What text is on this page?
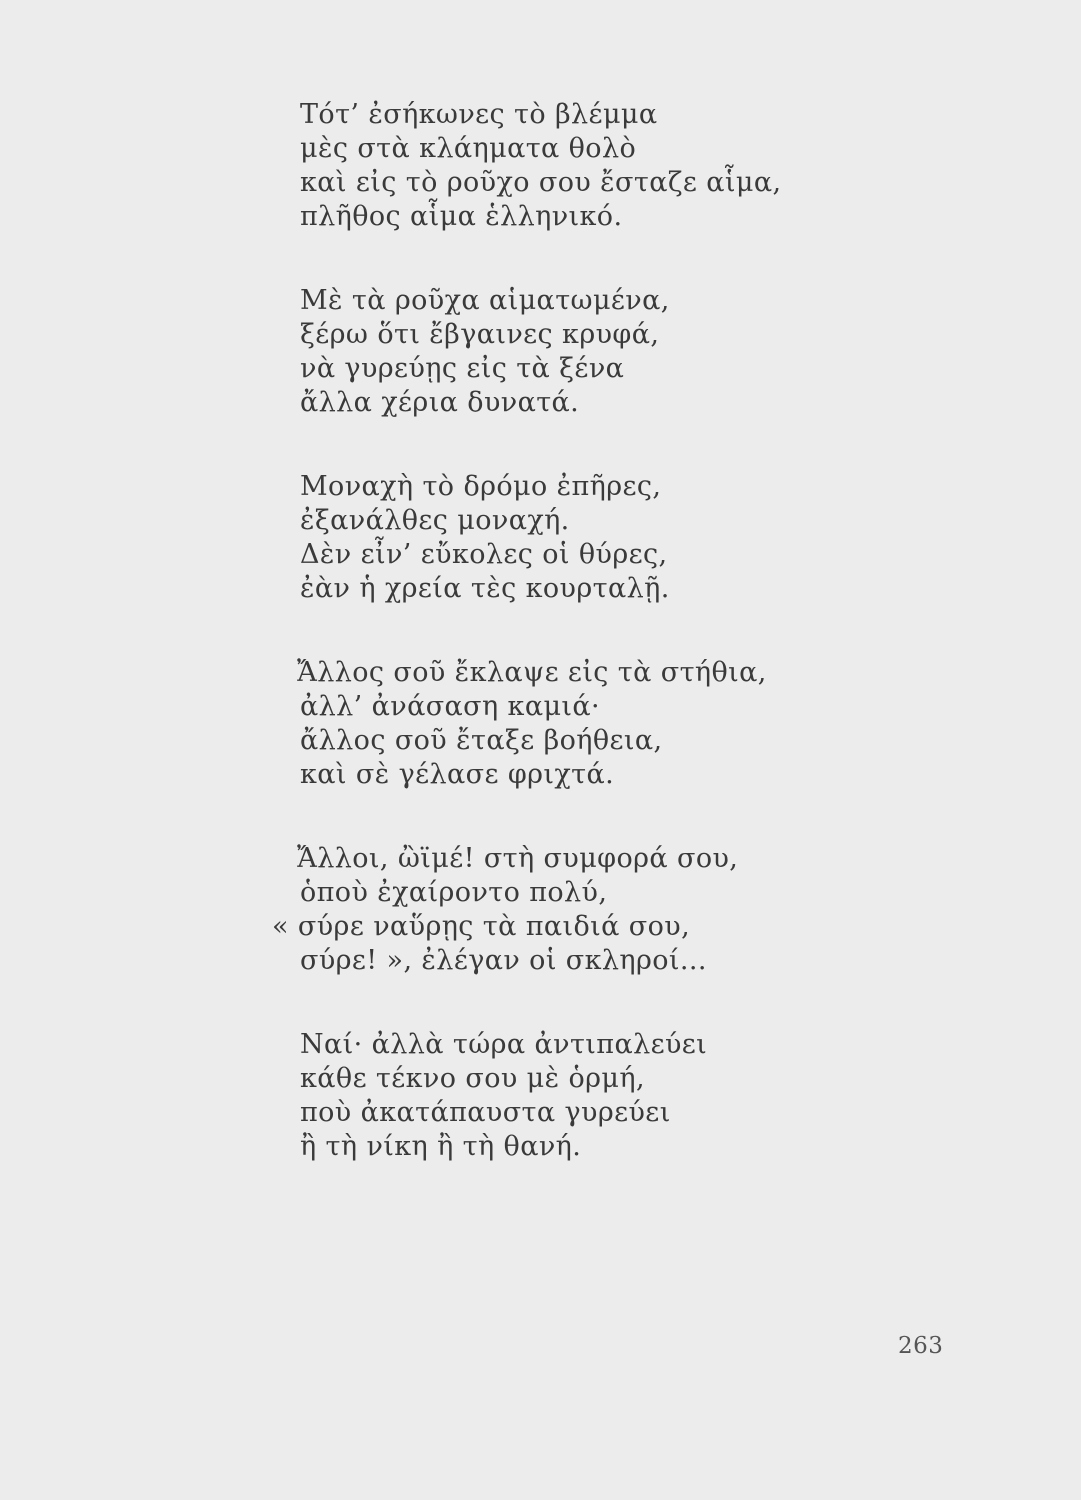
Τότ’ ἐσήκωνες τὸ βλέμμα
μὲς στὰ κλάηματα θολὸ
καὶ εἰς τὸ ροῦχο σου ἔσταζε αἷμα,
πλῆθος αἷμα ἑλληνικό.
Μὲ τὰ ροῦχα αἱματωμένα,
ξέρω ὅτι ἔβγαινες κρυφά,
νὰ γυρεύῃς εἰς τὰ ξένα
ἄλλα χέρια δυνατά.
Μοναχὴ τὸ δρόμο ἐπῆρες,
ἐξανάλθες μοναχή.
Δὲν εἶν’ εὔκολες οἱ θύρες,
ἐὰν ἡ χρεία τὲς κουρταλῇ.
Ἄλλος σοῦ ἔκλαψε εἰς τὰ στήθια,
ἀλλ’ ἀνάσαση καμιά·
ἄλλος σοῦ ἔταξε βοήθεια,
καὶ σὲ γέλασε φριχτά.
Ἄλλοι, ὢϊμέ! στὴ συμφορά σου,
ὁποὺ ἐχαίροντο πολύ,
« σύρε ναὕρῃς τὰ παιδιά σου,
σύρε! », ἐλέγαν οἱ σκληροί...
Ναί· ἀλλὰ τώρα ἀντιπαλεύει
κάθε τέκνο σου μὲ ὁρμή,
ποὺ ἀκατάπαυστα γυρεύει
ἢ τὴ νίκη ἢ τὴ θανή.
263
